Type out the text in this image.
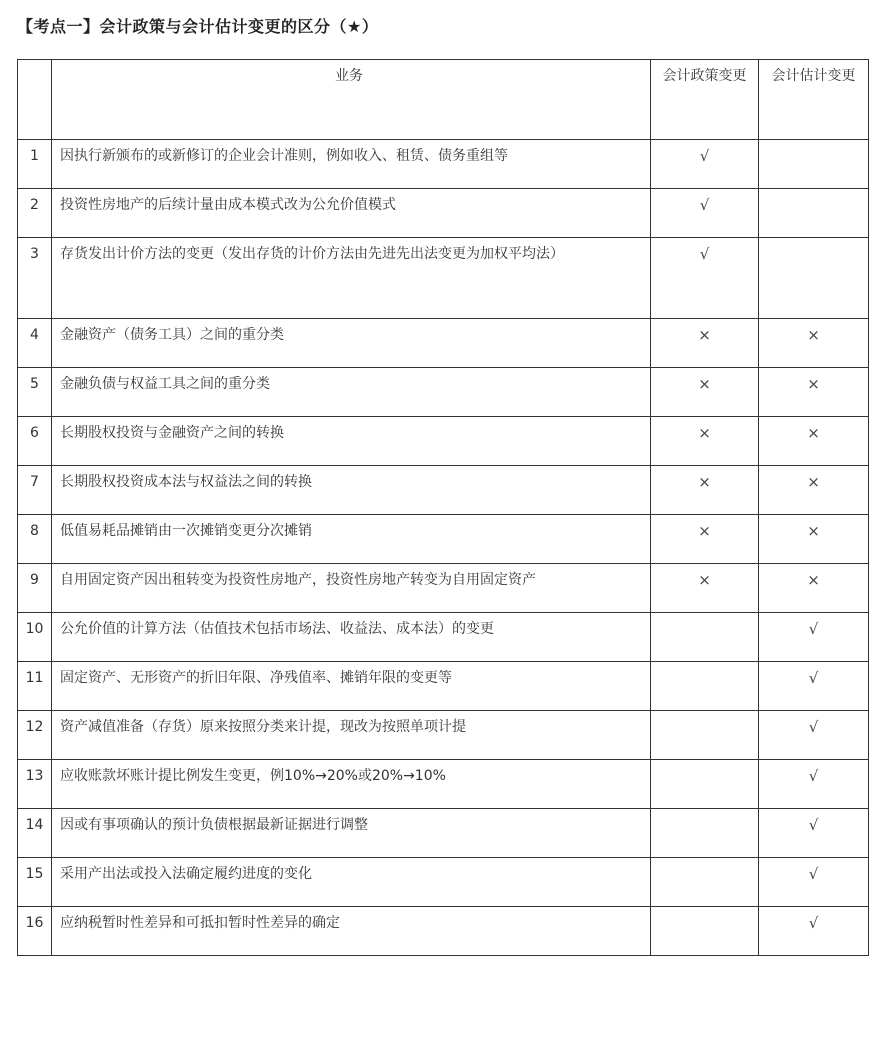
【考点一】会计政策与会计估计变更的区分（★）
	业务	会计政策变更	会计估计变更

1	因执行新颁布的或新修订的企业会计准则，例如收入、租赁、债务重组等	√	
2	投资性房地产的后续计量由成本模式改为公允价值模式	√	
3	存货发出计价方法的变更（发出存货的计价方法由先进先出法变更为加权平均法）	√	
4	金融资产（债务工具）之间的重分类	×	×
5	金融负债与权益工具之间的重分类	×	×
6	长期股权投资与金融资产之间的转换	×	×
7	长期股权投资成本法与权益法之间的转换	×	×
8	低值易耗品摊销由一次摊销变更分次摊销	×	×
9	自用固定资产因出租转变为投资性房地产，投资性房地产转变为自用固定资产	×	×
10	公允价值的计算方法（估值技术包括市场法、收益法、成本法）的变更		√
11	固定资产、无形资产的折旧年限、净残值率、摊销年限的变更等		√
12	资产减值准备（存货）原来按照分类来计提，现改为按照单项计提		√
13	应收账款坏账计提比例发生变更，例10%→20%或20%→10%		√
14	因或有事项确认的预计负债根据最新证据进行调整		√
15	采用产出法或投入法确定履约进度的变化		√
16	应纳税暂时性差异和可抵扣暂时性差异的确定		√
